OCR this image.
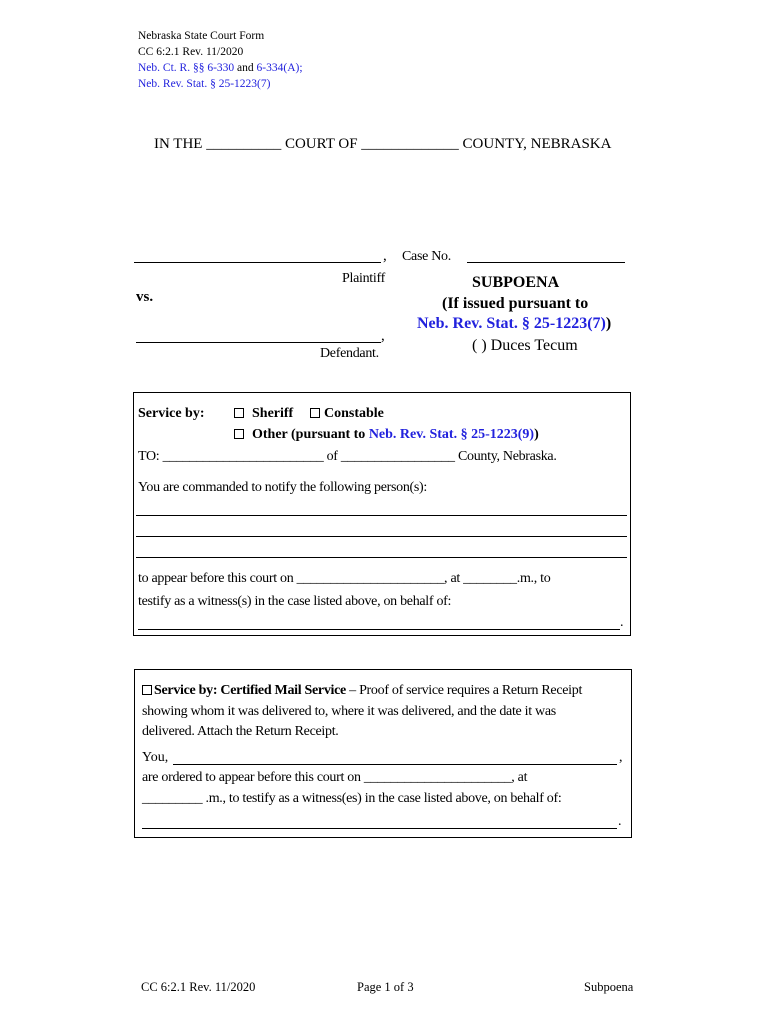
Nebraska State Court Form
CC 6:2.1 Rev. 11/2020
Neb. Ct. R. §§ 6-330 and 6-334(A);
Neb. Rev. Stat. § 25-1223(7)
IN THE __________ COURT OF _____________ COUNTY, NEBRASKA
,
Plaintiff
vs.
,
Defendant.
Case No.
SUBPOENA
(If issued pursuant to
Neb. Rev. Stat. § 25-1223(7))
( ) Duces Tecum
Service by:	Sheriff	Constable
Other (pursuant to Neb. Rev. Stat. § 25-1223(9))
TO: ________________________ of _________________ County, Nebraska.
You are commanded to notify the following person(s):
to appear before this court on ______________________, at ________.m., to
testify as a witness(s) in the case listed above, on behalf of:
.
Service by: Certified Mail Service – Proof of service requires a Return Receipt
showing whom it was delivered to, where it was delivered, and the date it was
delivered. Attach the Return Receipt.
You,	,
are ordered to appear before this court on ______________________, at
_________ .m., to testify as a witness(es) in the case listed above, on behalf of:
.
CC 6:2.1 Rev. 11/2020	Page 1 of 3	Subpoena
